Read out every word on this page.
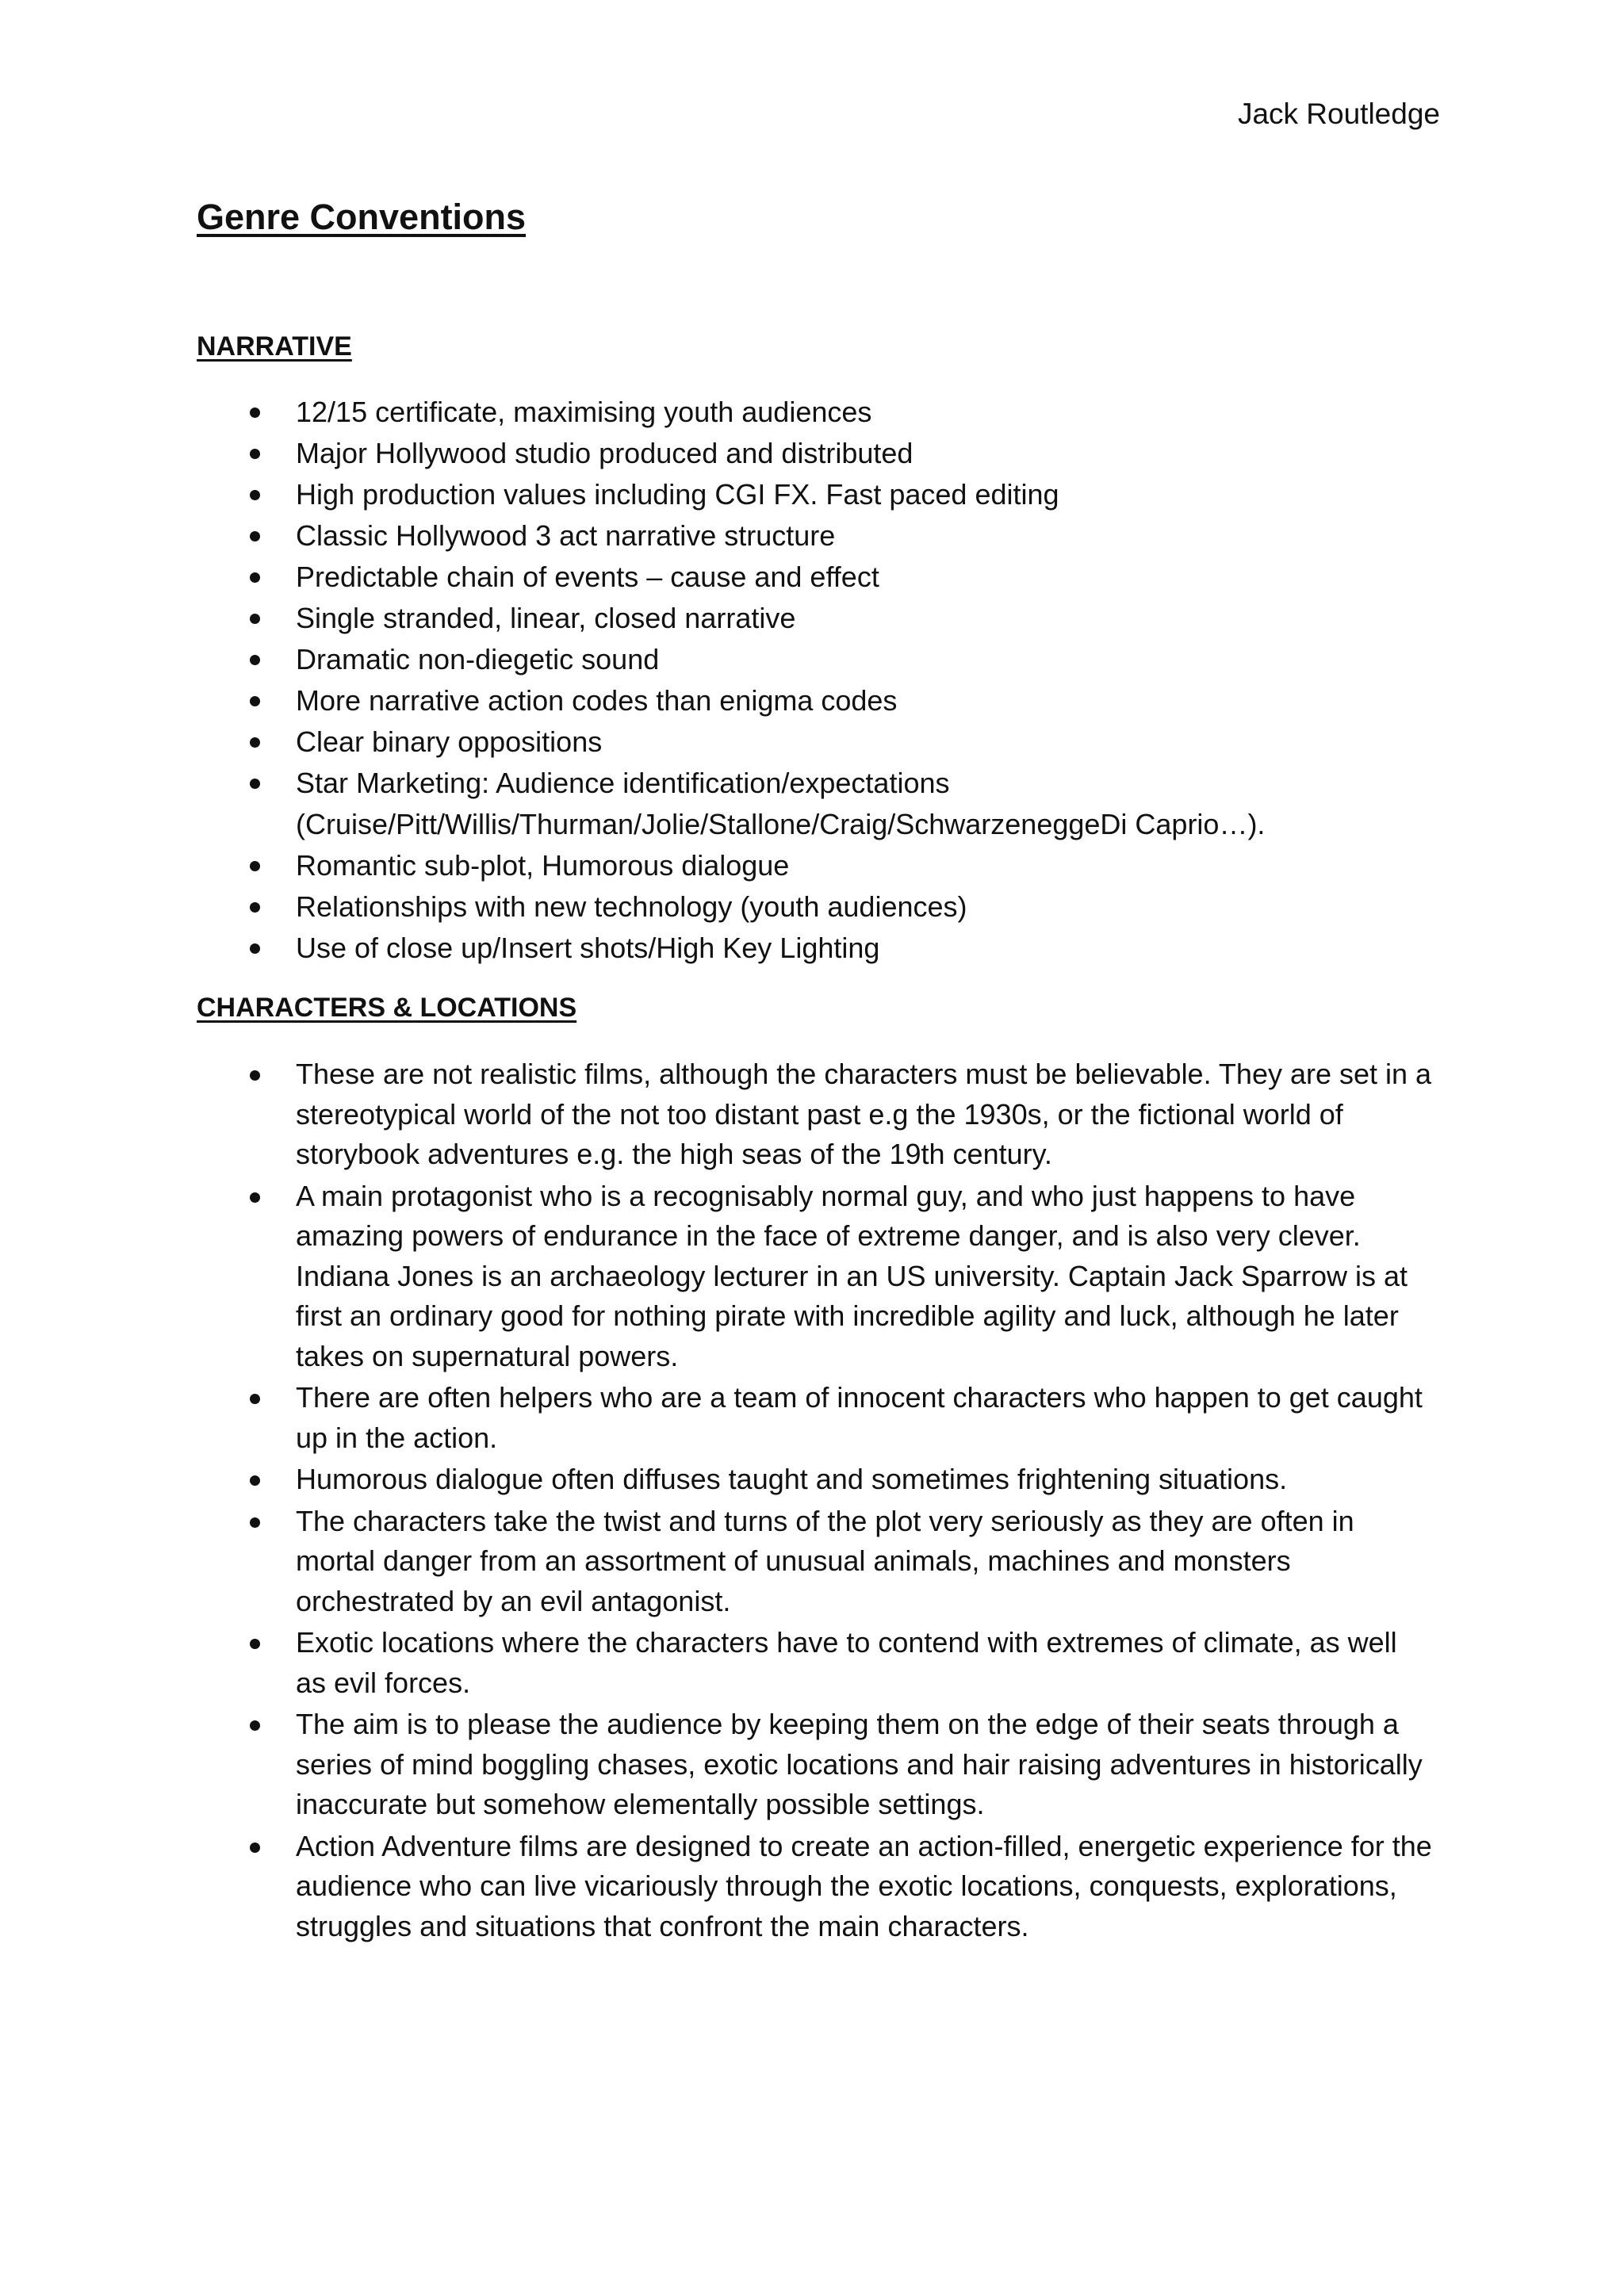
Jack Routledge

Genre Conventions
NARRATIVE
12/15 certificate, maximising youth audiences
Major Hollywood studio produced and distributed
High production values including CGI FX. Fast paced editing
Classic Hollywood 3 act narrative structure
Predictable chain of events – cause and effect
Single stranded, linear, closed narrative
Dramatic non-diegetic sound
More narrative action codes than enigma codes
Clear binary oppositions
Star Marketing: Audience identification/expectations (Cruise/Pitt/Willis/Thurman/Jolie/Stallone/Craig/SchwarzeneggeDi Caprio…).
Romantic sub-plot, Humorous dialogue
Relationships with new technology (youth audiences)
Use of close up/Insert shots/High Key Lighting
CHARACTERS & LOCATIONS
These are not realistic films, although the characters must be believable. They are set in a stereotypical world of the not too distant past e.g the 1930s, or the fictional world of storybook adventures e.g. the high seas of the 19th century.
A main protagonist who is a recognisably normal guy, and who just happens to have amazing powers of endurance in the face of extreme danger, and is also very clever. Indiana Jones is an archaeology lecturer in an US university. Captain Jack Sparrow is at first an ordinary good for nothing pirate with incredible agility and luck, although he later takes on supernatural powers.
There are often helpers who are a team of innocent characters who happen to get caught up in the action.
Humorous dialogue often diffuses taught and sometimes frightening situations.
The characters take the twist and turns of the plot very seriously as they are often in mortal danger from an assortment of unusual animals, machines and monsters orchestrated by an evil antagonist.
Exotic locations where the characters have to contend with extremes of climate, as well as evil forces.
The aim is to please the audience by keeping them on the edge of their seats through a series of mind boggling chases, exotic locations and hair raising adventures in historically inaccurate but somehow elementally possible settings.
Action Adventure films are designed to create an action-filled, energetic experience for the audience who can live vicariously through the exotic locations, conquests, explorations, struggles and situations that confront the main characters.
